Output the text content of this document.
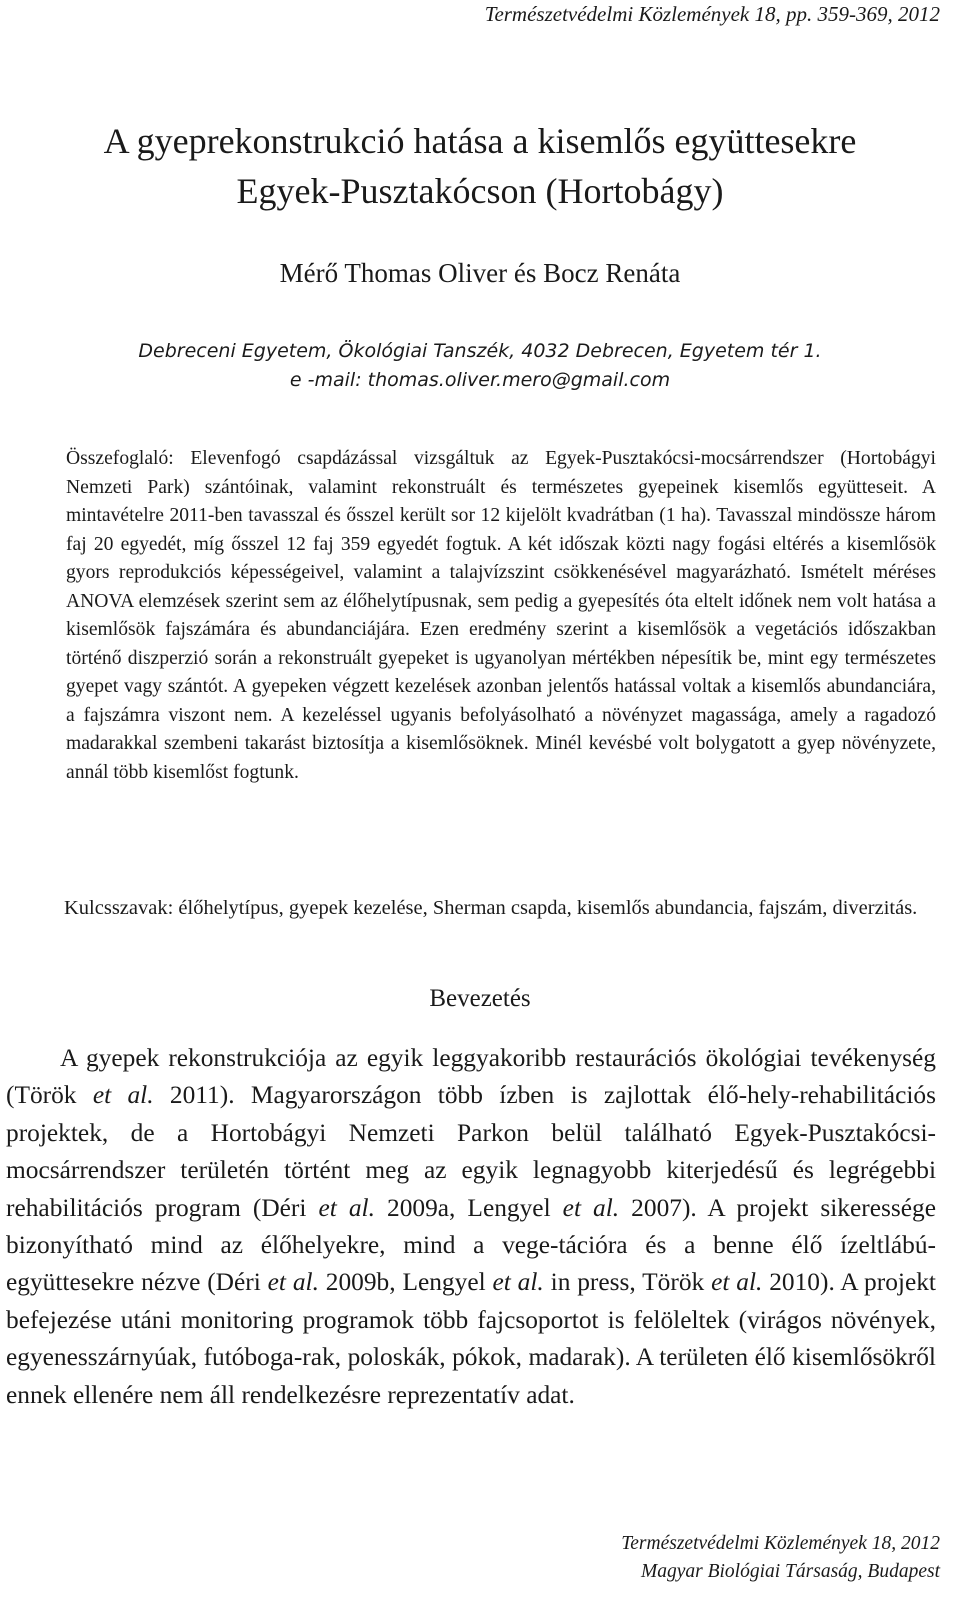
Természetvédelmi Közlemények 18, pp. 359-369, 2012
A gyeprekonstrukció hatása a kisemlős együttesekre
Egyek-Pusztakócson (Hortobágy)
Mérő Thomas Oliver és Bocz Renáta
Debreceni Egyetem, Ökológiai Tanszék, 4032 Debrecen, Egyetem tér 1.
e -mail: thomas.oliver.mero@gmail.com
Összefoglaló: Elevenfogó csapdázással vizsgáltuk az Egyek-Pusztakócsi-mocsárrendszer (Hortobágyi Nemzeti Park) szántóinak, valamint rekonstruált és természetes gyepeinek kisemlős együtteseit. A mintavételre 2011-ben tavasszal és ősszel került sor 12 kijelölt kvadrátban (1 ha). Tavasszal mindössze három faj 20 egyedét, míg ősszel 12 faj 359 egyedét fogtuk. A két időszak közti nagy fogási eltérés a kisemlősök gyors reprodukciós képességeivel, valamint a talajvízszint csökkenésével magyarázható. Ismételt méréses ANOVA elemzések szerint sem az élőhelytípusnak, sem pedig a gyepesítés óta eltelt időnek nem volt hatása a kisemlősök fajszámára és abundanciájára. Ezen eredmény szerint a kisemlősök a vegetációs időszakban történő diszperzió során a rekonstruált gyepeket is ugyanolyan mértékben népesítik be, mint egy természetes gyepet vagy szántót. A gyepeken végzett kezelések azonban jelentős hatással voltak a kisemlős abundanciára, a fajszámra viszont nem. A kezeléssel ugyanis befolyásolható a növényzet magassága, amely a ragadozó madarakkal szembeni takarást biztosítja a kisemlősöknek. Minél kevésbé volt bolygatott a gyep növényzete, annál több kisemlőst fogtunk.
Kulcsszavak: élőhelytípus, gyepek kezelése, Sherman csapda, kisemlős abundancia, fajszám, diverzitás.
Bevezetés
A gyepek rekonstrukciója az egyik leggyakoribb restaurációs ökológiai tevékenység (Török et al. 2011). Magyarországon több ízben is zajlottak élő-hely-rehabilitációs projektek, de a Hortobágyi Nemzeti Parkon belül található Egyek-Pusztakócsi-mocsárrendszer területén történt meg az egyik legnagyobb kiterjedésű és legrégebbi rehabilitációs program (Déri et al. 2009a, Lengyel et al. 2007). A projekt sikeressége bizonyítható mind az élőhelyekre, mind a vege-tációra és a benne élő ízeltlábú-együttesekre nézve (Déri et al. 2009b, Lengyel et al. in press, Török et al. 2010). A projekt befejezése utáni monitoring programok több fajcsoportot is felöleltek (virágos növények, egyenesszárnyúak, futóboga-rak, poloskák, pókok, madarak). A területen élő kisemlősökről ennek ellenére nem áll rendelkezésre reprezentatív adat.
Természetvédelmi Közlemények 18, 2012
Magyar Biológiai Társaság, Budapest
